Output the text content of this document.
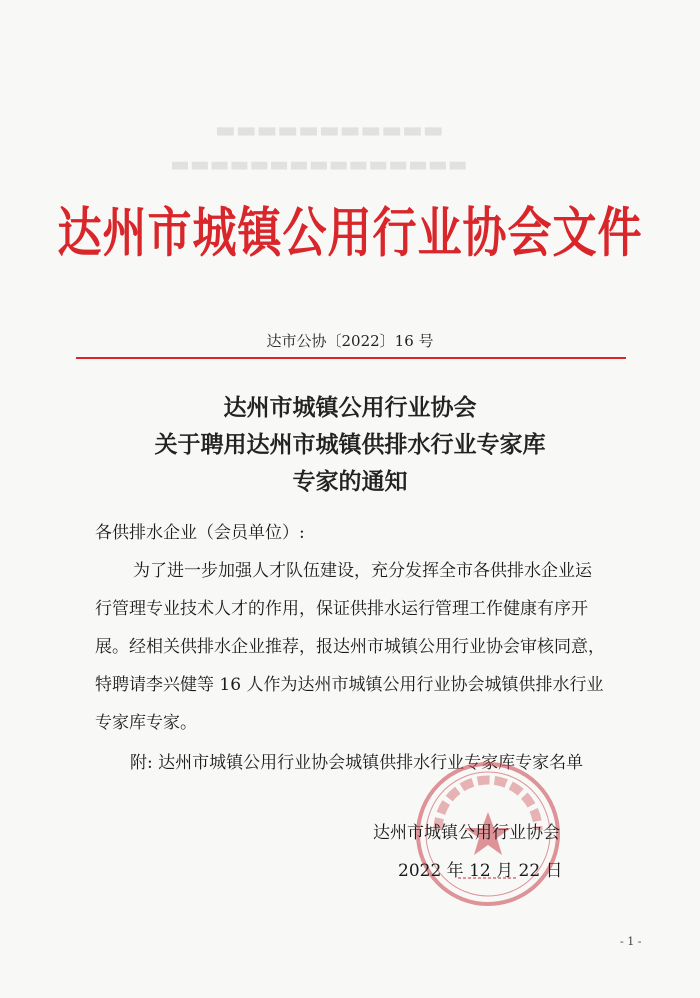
▬▬▬▬▬▬▬▬▬▬▬
▬▬▬▬▬▬▬▬▬▬▬▬▬▬▬
达州市城镇公用行业协会文件
达市公协〔2022〕16 号
达州市城镇公用行业协会
关于聘用达州市城镇供排水行业专家库
专家的通知
各供排水企业（会员单位）:
为了进一步加强人才队伍建设，充分发挥全市各供排水企业运
行管理专业技术人才的作用，保证供排水运行管理工作健康有序开
展。经相关供排水企业推荐，报达州市城镇公用行业协会审核同意，
特聘请李兴健等 16 人作为达州市城镇公用行业协会城镇供排水行业
专家库专家。
附: 达州市城镇公用行业协会城镇供排水行业专家库专家名单
达州市城镇公用行业协会
2022 年 12 月 22 日
- 1 -
